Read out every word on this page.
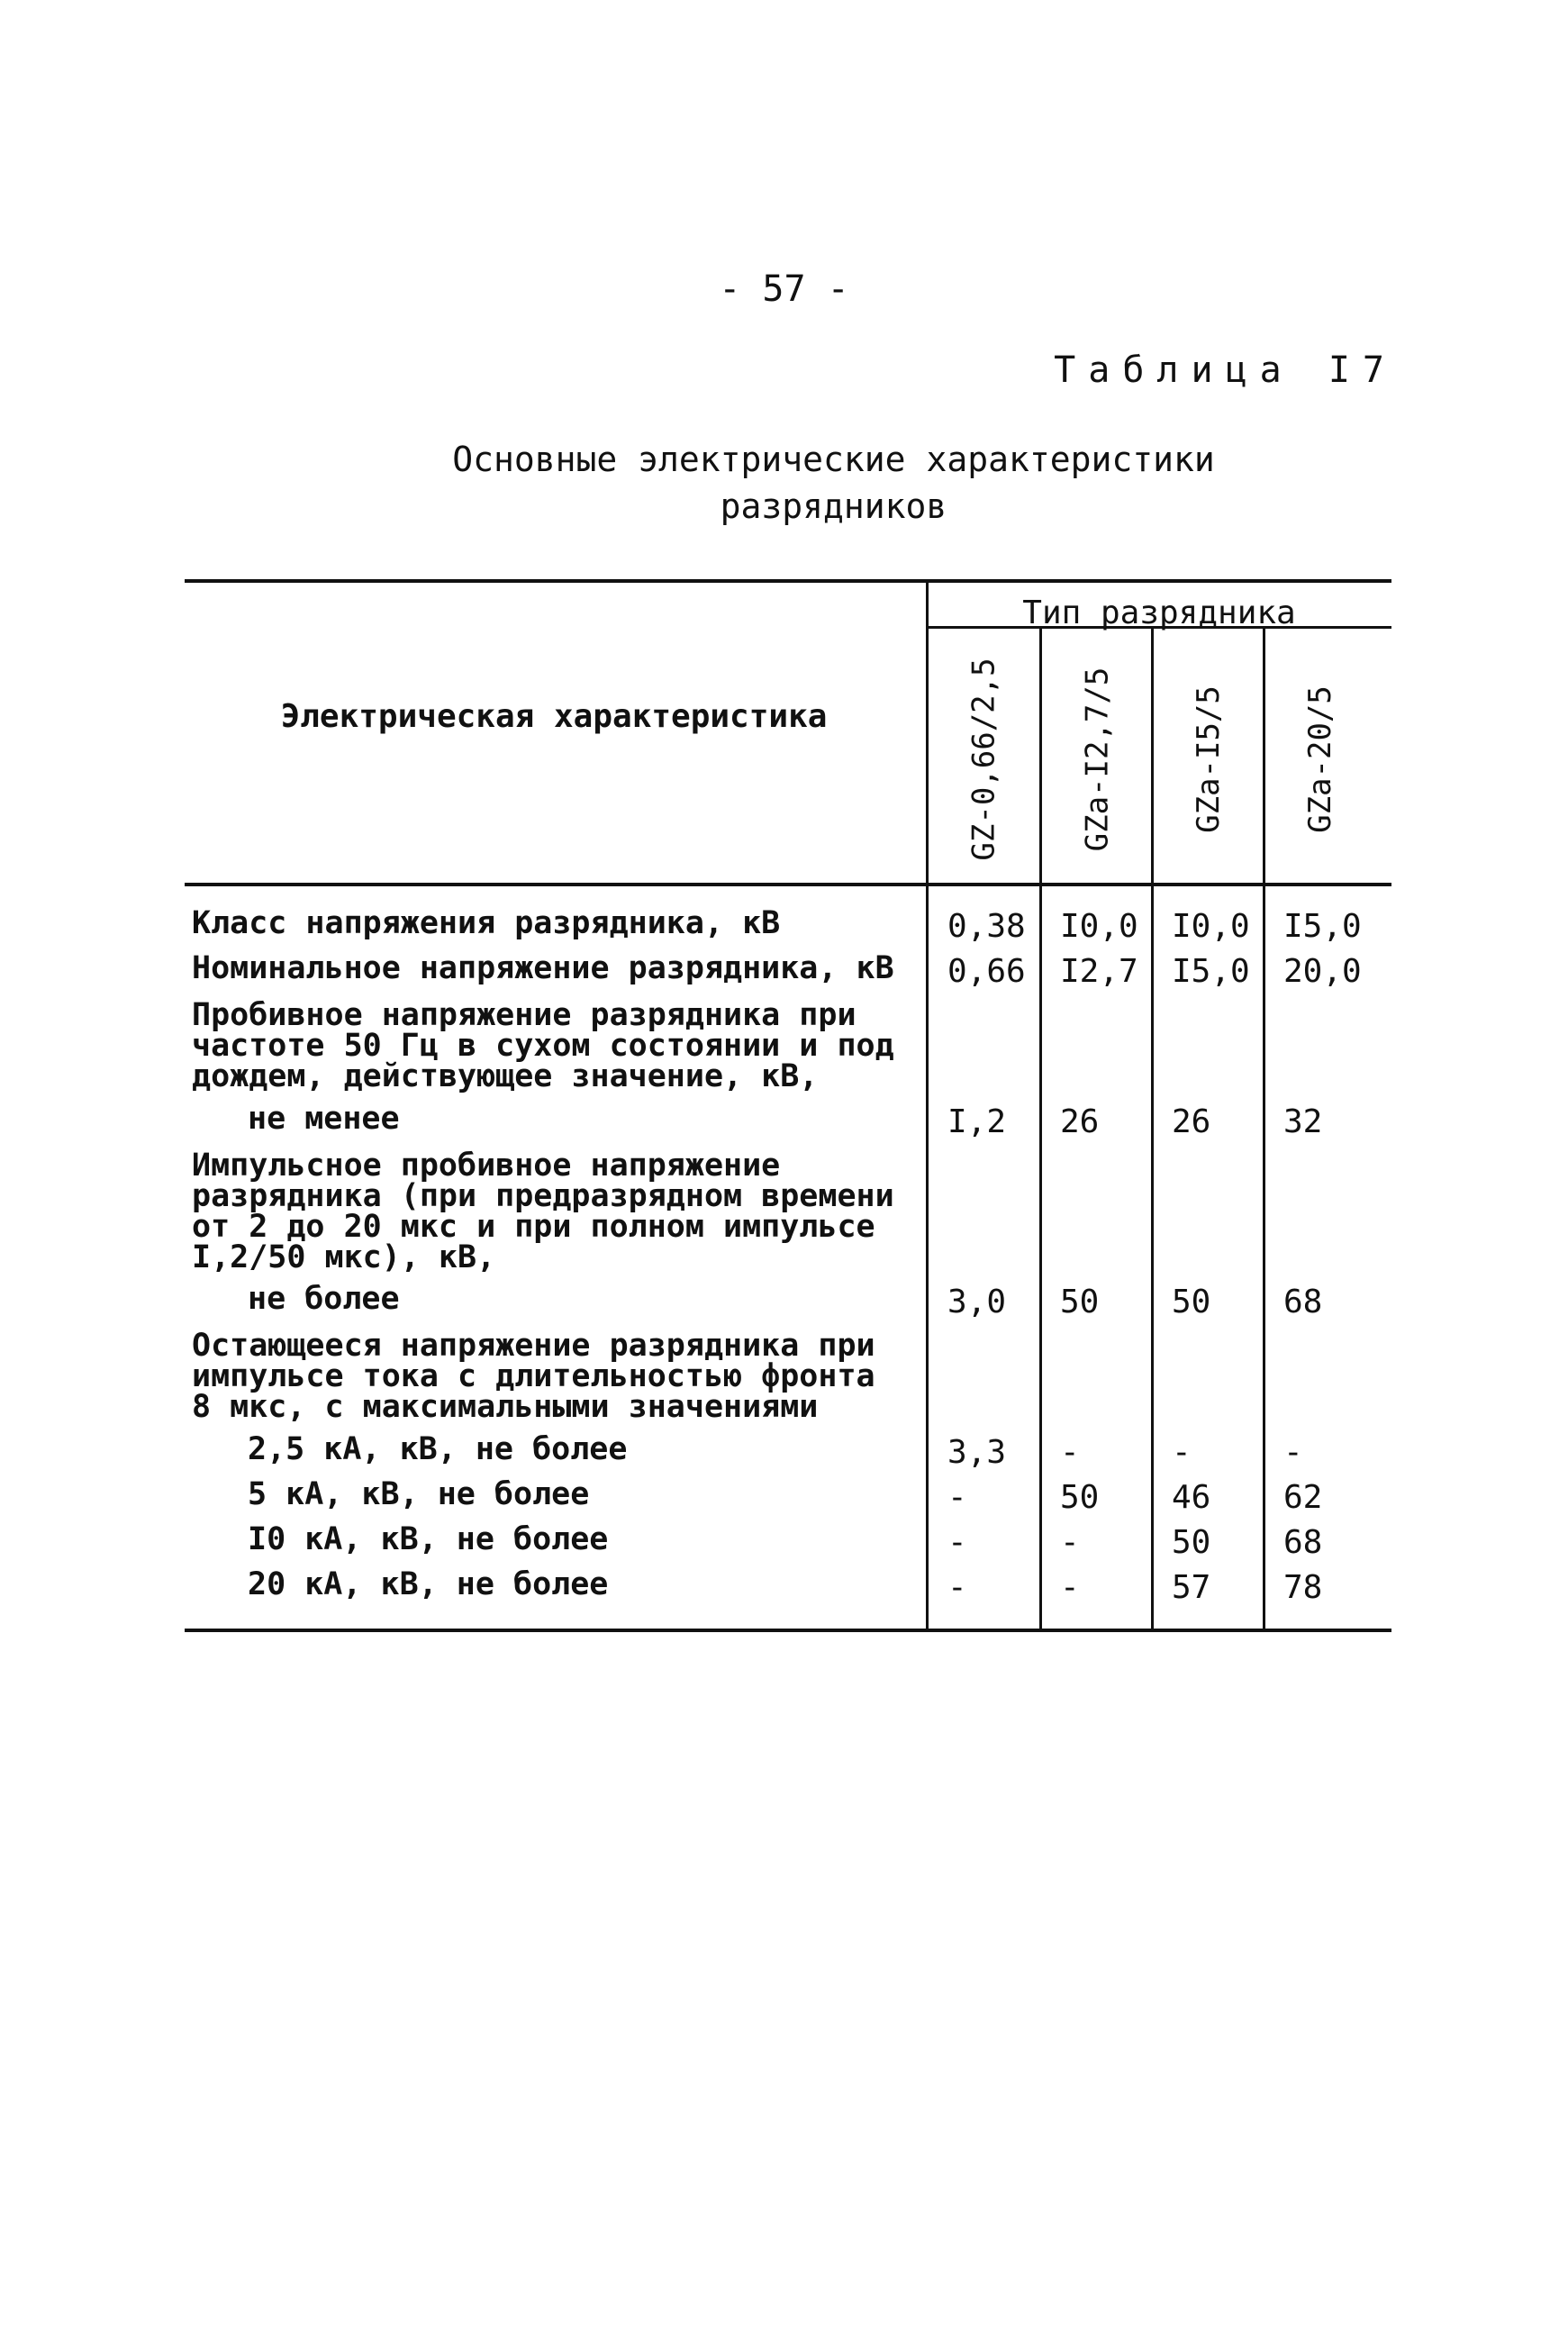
- 57 -
Таблица I7
Основные электрические характеристики
разрядников
Электрическая характеристика
Тип разрядника
GZ-0,66/2,5	GZa-I2,7/5 GZa-I5/5 GZa-20/5
Класс напряжения разрядника, кВ	0,38	I0,0	I0,0	I5,0
Номинальное напряжение разрядника, кВ	0,66	I2,7	I5,0	20,0
Пробивное напряжение разрядника при
частоте 50 Гц в сухом состоянии и под
дождем, действующее значение, кВ,
не менее	I,2	26	26	32
Импульсное пробивное напряжение
разрядника (при предразрядном времени
от 2 до 20 мкс и при полном импульсе
I,2/50 мкс), кВ,
не более	3,0	50	50	68
Остающееся напряжение разрядника при
импульсе тока с длительностью фронта
8 мкс, с максимальными значениями
2,5 кА, кВ, не более	3,3	-	-	-
5 кА, кВ, не более	-	50	46	62
I0 кА, кВ, не более	-	-	50	68
20 кА, кВ, не более	-	-	57	78
